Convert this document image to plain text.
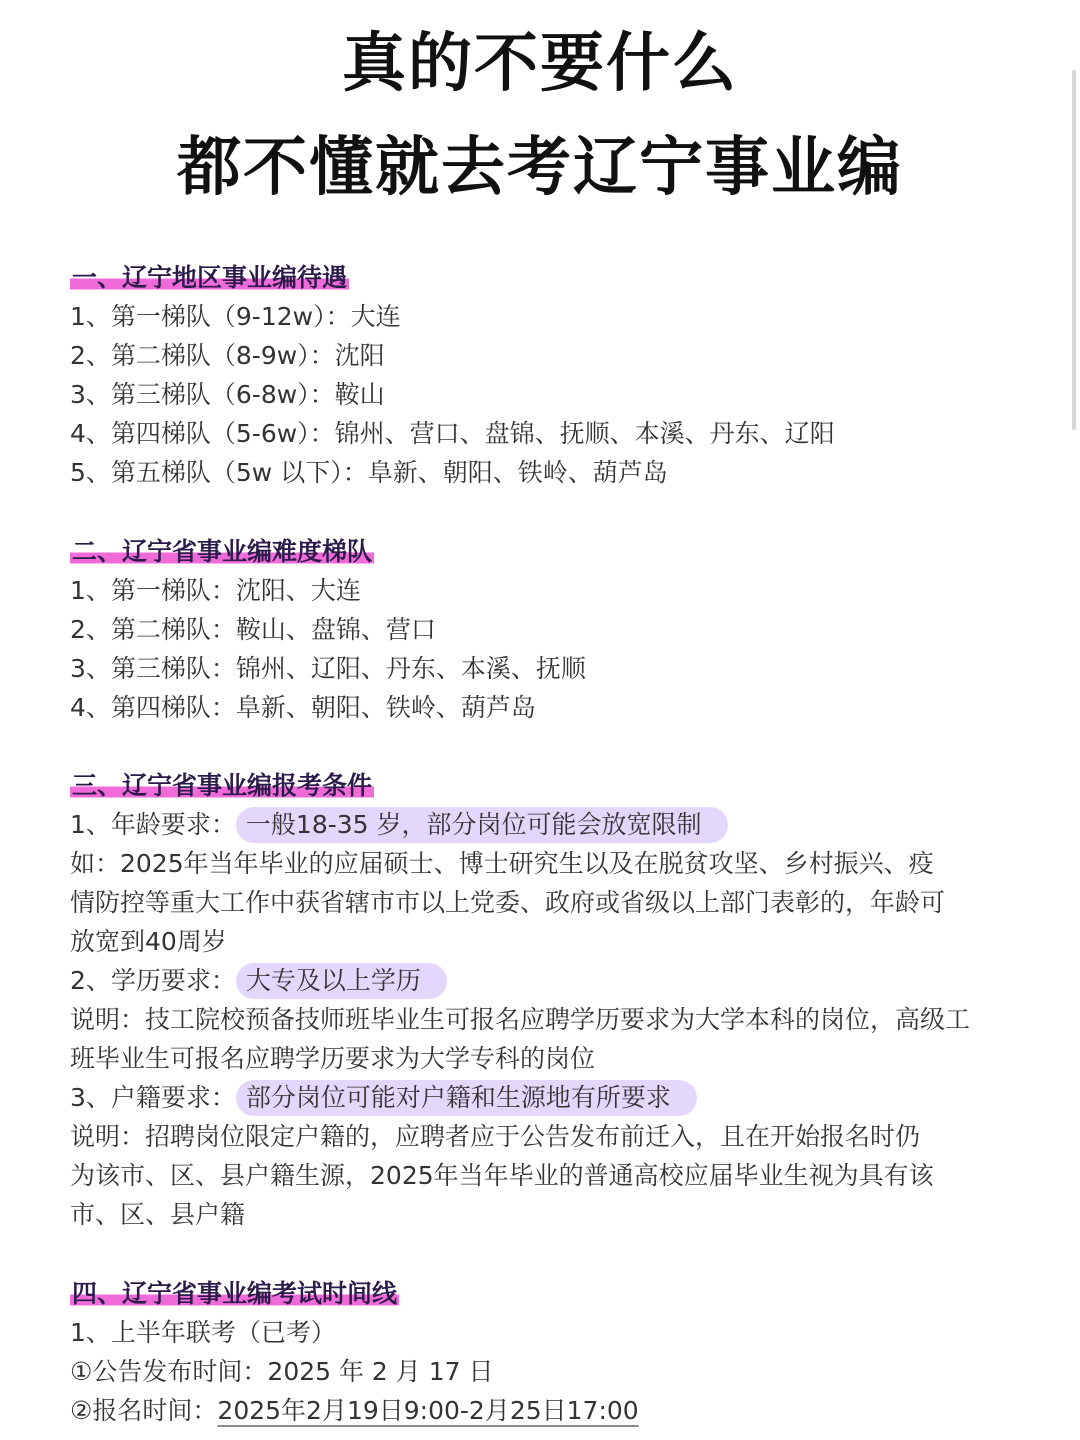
真的不要什么
都不懂就去考辽宁事业编
一、辽宁地区事业编待遇
1、第一梯队（9-12w）：大连
2、第二梯队（8-9w）：沈阳
3、第三梯队（6-8w）：鞍山
4、第四梯队（5-6w）：锦州、营口、盘锦、抚顺、本溪、丹东、辽阳
5、第五梯队（5w 以下）：阜新、朝阳、铁岭、葫芦岛
二、辽宁省事业编难度梯队
1、第一梯队：沈阳、大连
2、第二梯队：鞍山、盘锦、营口
3、第三梯队：锦州、辽阳、丹东、本溪、抚顺
4、第四梯队：阜新、朝阳、铁岭、葫芦岛
三、辽宁省事业编报考条件
1、年龄要求： 一般18-35 岁，部分岗位可能会放宽限制
如：2025年当年毕业的应届硕士、博士研究生以及在脱贫攻坚、乡村振兴、疫
情防控等重大工作中获省辖市市以上党委、政府或省级以上部门表彰的，年龄可
放宽到40周岁
2、学历要求： 大专及以上学历
说明：技工院校预备技师班毕业生可报名应聘学历要求为大学本科的岗位，高级工
班毕业生可报名应聘学历要求为大学专科的岗位
3、户籍要求： 部分岗位可能对户籍和生源地有所要求
说明：招聘岗位限定户籍的，应聘者应于公告发布前迁入，且在开始报名时仍
为该市、区、县户籍生源，2025年当年毕业的普通高校应届毕业生视为具有该
市、区、县户籍
四、辽宁省事业编考试时间线
1、上半年联考（已考）
①公告发布时间：2025 年 2 月 17 日
②报名时间：2025年2月19日9:00-2月25日17:00
